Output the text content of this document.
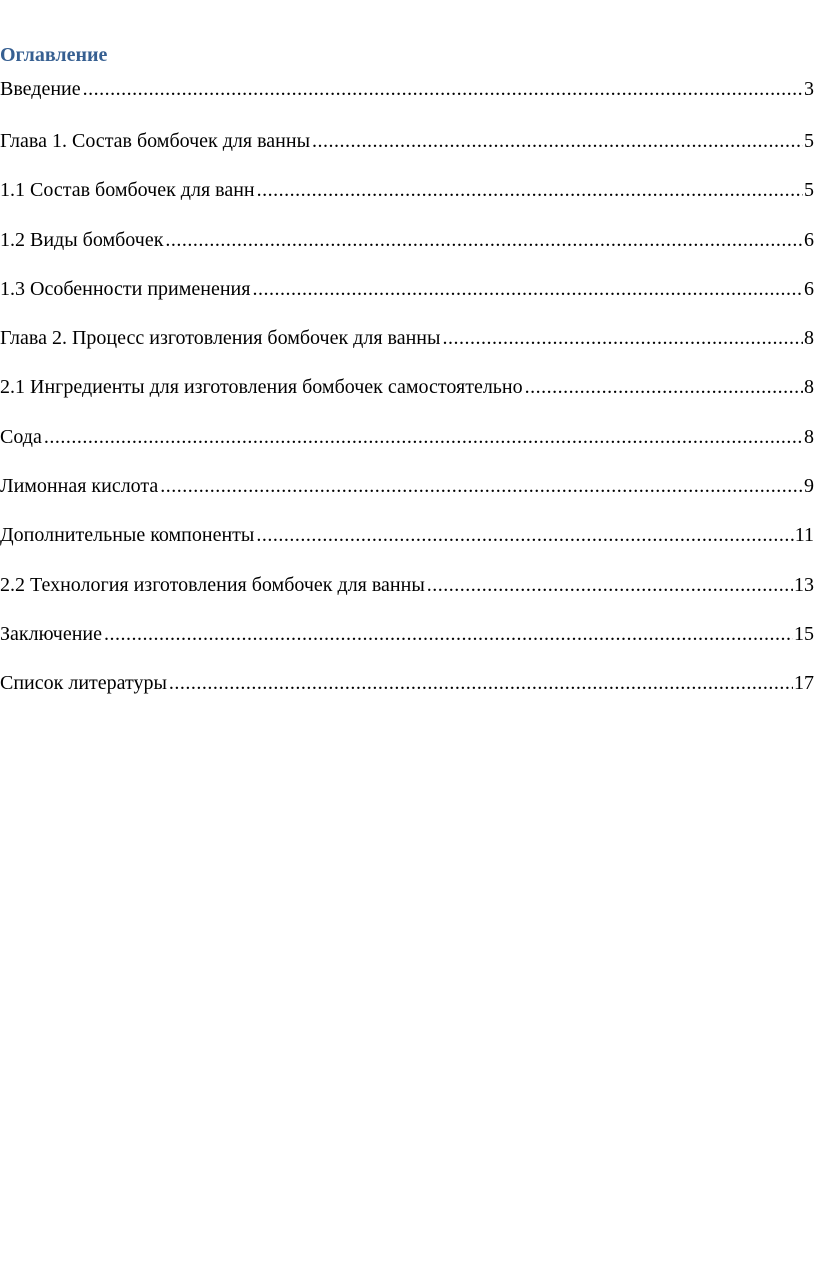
Оглавление
Введение .....	3
Глава 1. Состав бомбочек для ванны .....	5
1.1 Состав бомбочек для ванн .....	5
1.2 Виды бомбочек .....	6
1.3 Особенности применения .....	6
Глава 2. Процесс изготовления бомбочек для ванны .....	8
2.1 Ингредиенты для изготовления бомбочек самостоятельно .....	8
Сода .....	8
Лимонная кислота .....	9
Дополнительные компоненты .....	11
2.2 Технология изготовления бомбочек для ванны .....	13
Заключение .....	15
Список литературы .....	17
